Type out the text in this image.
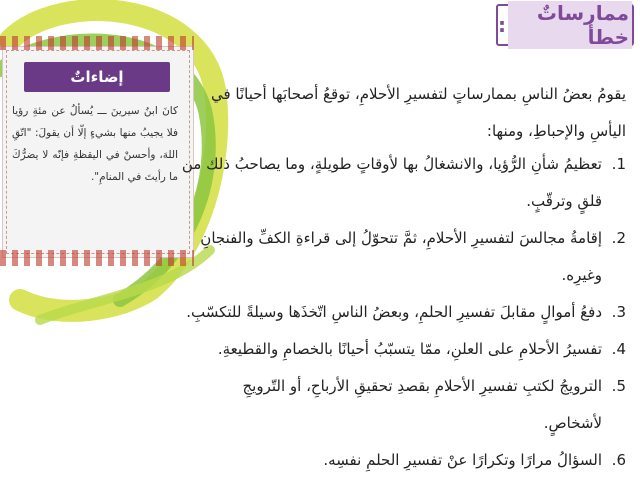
إضاءاتٌ
كانَ ابنُ سيرينَ ـــ يُسألُ عن مئةِ رؤيا فلا يجيبُ منها بشيءٍ إلّا أن يقولَ: "اتّقِ اللهَ، وأحسنْ في اليقظةِ فإنّه لا يضرُّكَ ما رأيتَ في المنامِ".
ممارساتٌ خطأ
:
يقومُ بعضُ الناسِ بممارساتٍ لتفسيرِ الأحلامِ، توقعُ أصحابَها أحيانًا في اليأسِ والإحباطِ، ومنها:
1.
تعظيمُ شأنِ الرُّؤيا، والانشغالُ بها لأوقاتٍ طويلةٍ، وما يصاحبُ ذلك من قلقٍ وترقّبٍ.
2.
إقامةُ مجالسَ لتفسيرِ الأحلامِ، ثمَّ تتحوّلُ إلى قراءةِ الكفِّ والفنجانِ وغيرِه.
3.
دفعُ أموالٍ مقابلَ تفسيرِ الحلمِ، وبعضُ الناسِ اتّخذَها وسيلةً للتكسّبِ.
4.
تفسيرُ الأحلامِ على العلنِ، ممّا يتسبّبُ أحيانًا بالخصامِ والقطيعةِ.
5.
الترويجُ لكتبِ تفسيرِ الأحلامِ بقصدِ تحقيقِ الأرباحِ، أو التّرويجِ لأشخاصٍ.
6.
السؤالُ مرارًا وتكرارًا عنْ تفسيرِ الحلمِ نفسِه.
